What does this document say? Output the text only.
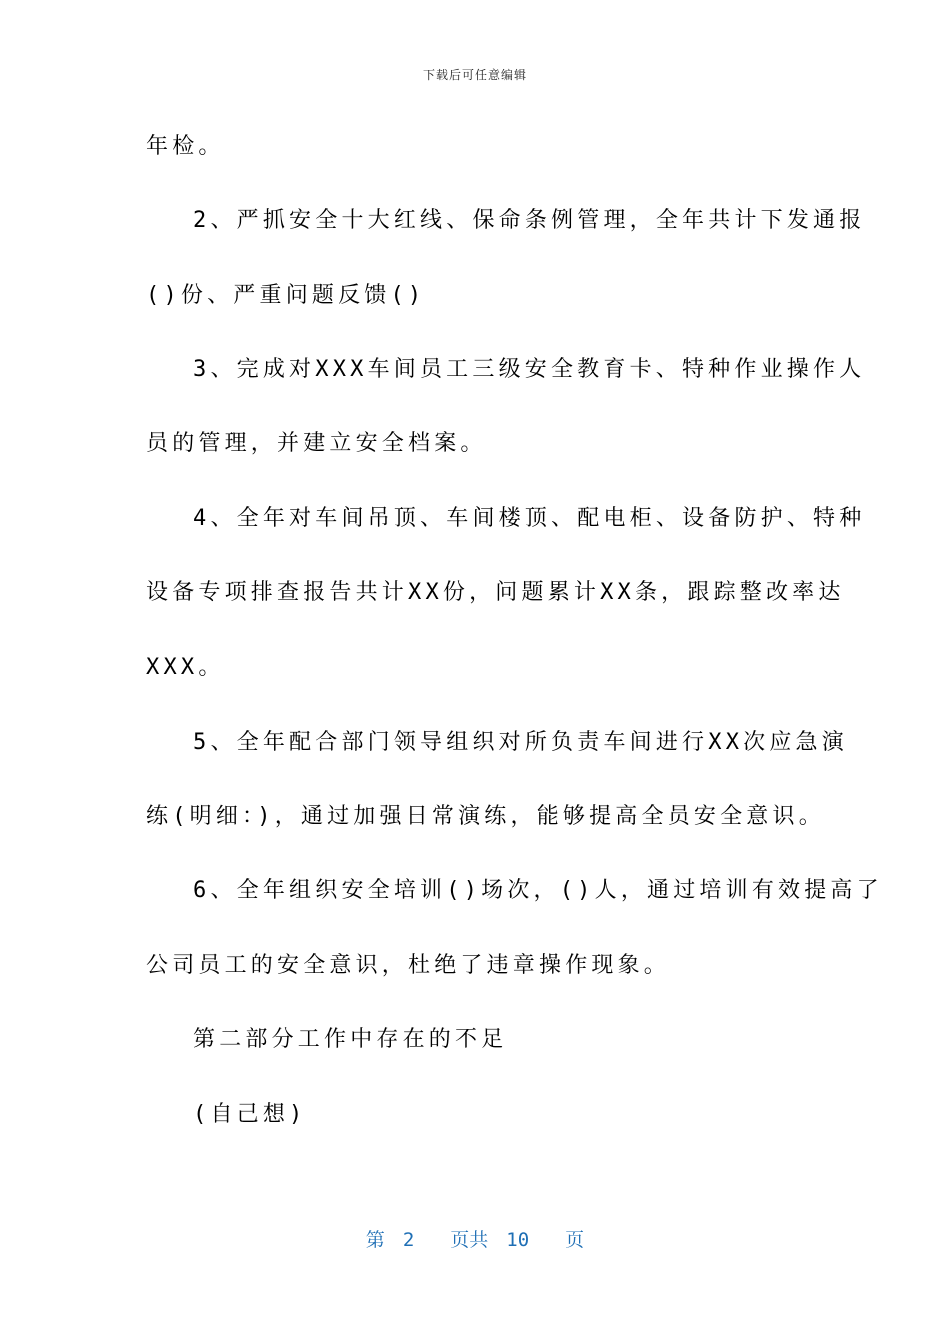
下载后可任意编辑
年检。
2、严抓安全十大红线、保命条例管理，全年共计下发通报
()份、严重问题反馈()
3、完成对XXX车间员工三级安全教育卡、特种作业操作人
员的管理，并建立安全档案。
4、全年对车间吊顶、车间楼顶、配电柜、设备防护、特种
设备专项排查报告共计XX份，问题累计XX条，跟踪整改率达
XXX。
5、全年配合部门领导组织对所负责车间进行XX次应急演
练(明细：)，通过加强日常演练，能够提高全员安全意识。
6、全年组织安全培训()场次，()人，通过培训有效提高了
公司员工的安全意识，杜绝了违章操作现象。
第二部分工作中存在的不足
(自己想)
第 2 页共 10 页
